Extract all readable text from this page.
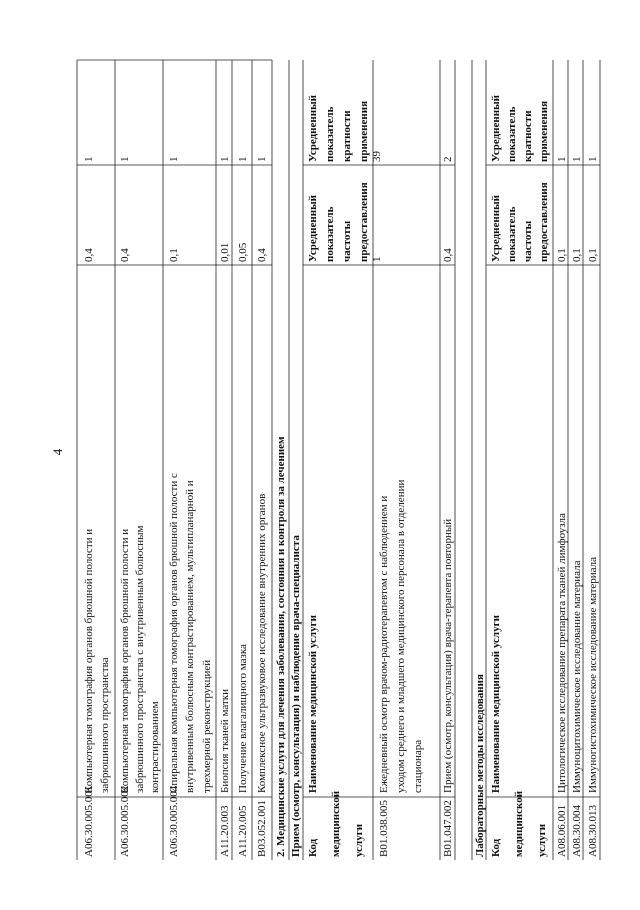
4
A06.30.005.001
Компьютерная томография органов брюшной полости и забрюшинного пространства
0,4
1
A06.30.005.002
Компьютерная томография органов брюшной полости и забрюшинного пространства с внутривенным болюсным контрастированием
0,4
1
A06.30.005.004
Спиральная компьютерная томография органов брюшной полости с внутривенным болюсным контрастированием, мультипланарной и трехмерной реконструкцией
0,1
1
A11.20.003
Биопсия тканей матки
0,01
1
A11.20.005
Получение влагалищного мазка
0,05
1
B03.052.001
Комплексное ультразвуковое исследование внутренних органов
0,4
1
2. Медицинские услуги для лечения заболевания, состояния и контроля за лечением Прием (осмотр, консультация) и наблюдение врача-специалиста Код медицинской услуги
Наименование медицинской услуги
Усредненный показатель частоты предоставления
Усредненный показатель кратности применения
B01.038.005
Ежедневный осмотр врачом-радиотерапевтом с наблюдением и уходом среднего и младшего медицинского персонала в отделении стационара
1
39
B01.047.002
Прием (осмотр, консультация) врача-терапевта повторный
0,4
2
Лабораторные методы исследования Код медицинской услуги
Наименование медицинской услуги
Усредненный показатель частоты предоставления
Усредненный показатель кратности применения
A08.06.001
Цитологическое исследование препарата тканей лимфоузла
0,1
1
A08.30.004
Иммуноцитохимическое исследование материала
0,1
1
A08.30.013
Иммуногистохимическое исследование материала
0,1
1
